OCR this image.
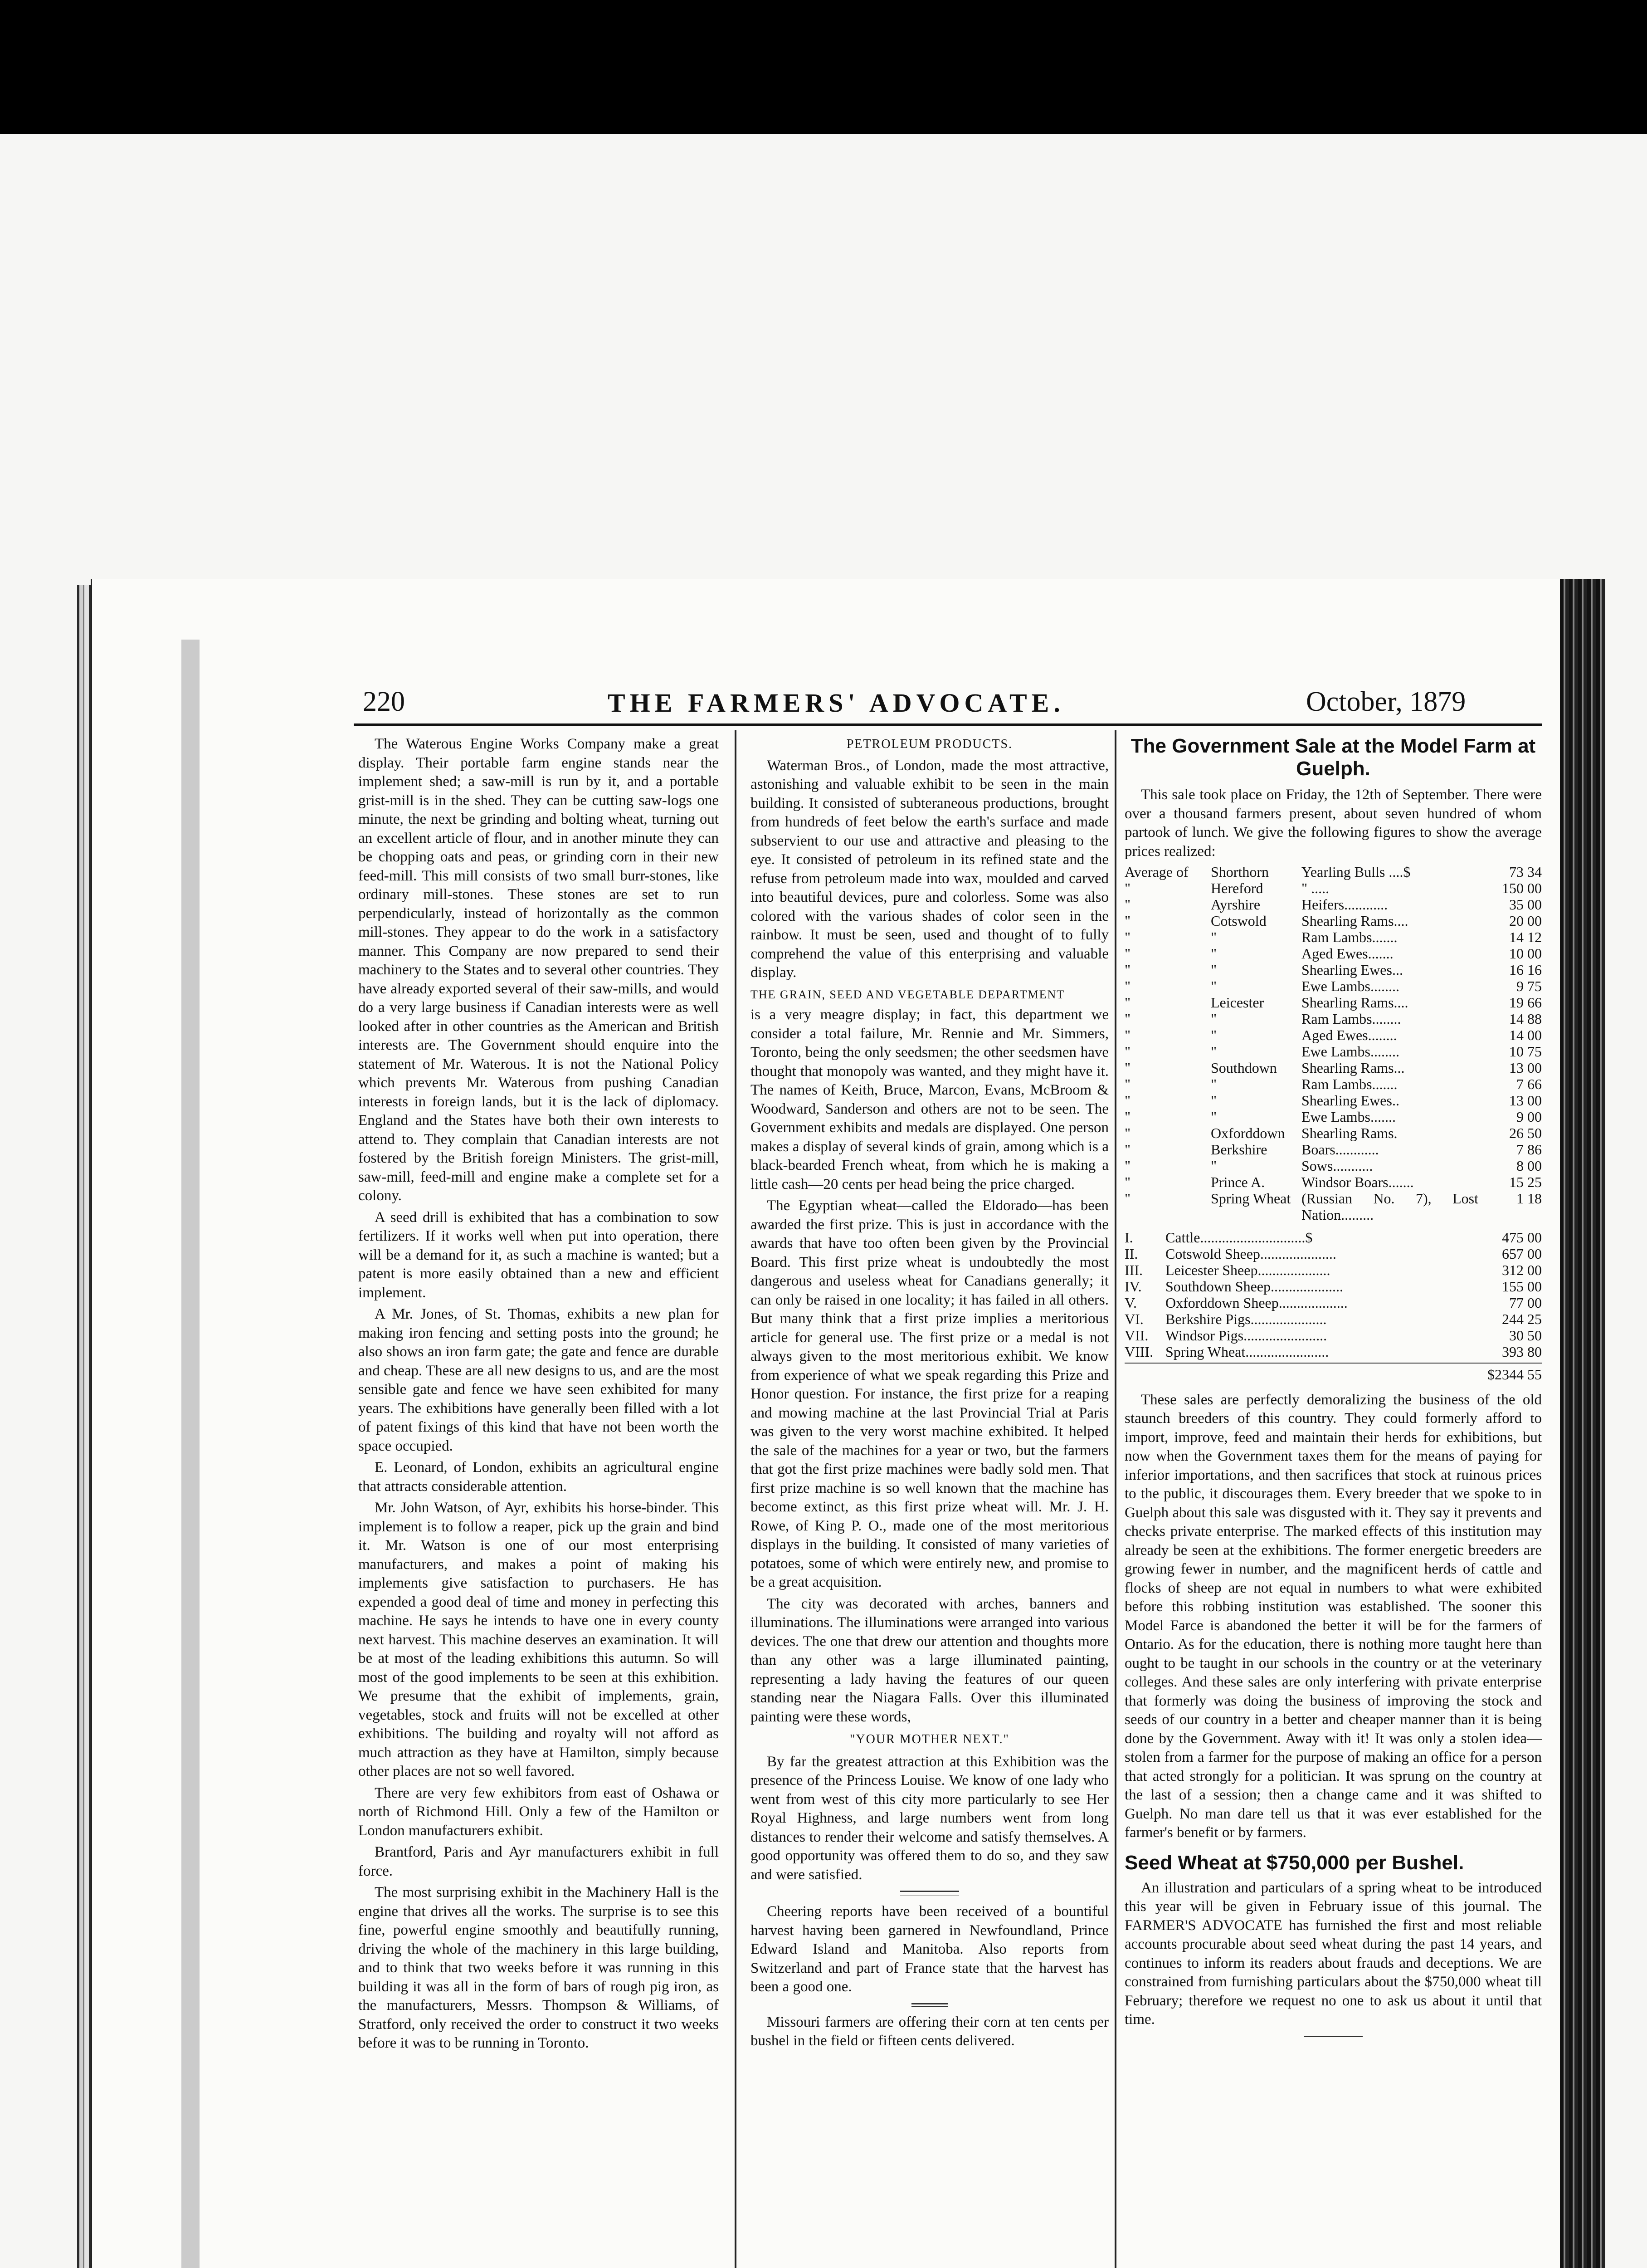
220	THE FARMERS' ADVOCATE.	October, 1879

The Waterous Engine Works Company make a great display. Their portable farm engine stands near the implement shed; a saw-mill is run by it, and a portable grist-mill is in the shed. They can be cutting saw-logs one minute, the next be grinding and bolting wheat, turning out an excellent article of flour, and in another minute they can be chopping oats and peas, or grinding corn in their new feed-mill. This mill consists of two small burr-stones, like ordinary mill-stones. These stones are set to run perpendicularly, instead of horizontally as the common mill-stones. They appear to do the work in a satisfactory manner. This Company are now prepared to send their machinery to the States and to several other countries. They have already exported several of their saw-mills, and would do a very large business if Canadian interests were as well looked after in other countries as the American and British interests are. The Government should enquire into the statement of Mr. Waterous. It is not the National Policy which prevents Mr. Waterous from pushing Canadian interests in foreign lands, but it is the lack of diplomacy. England and the States have both their own interests to attend to. They complain that Canadian interests are not fostered by the British foreign Ministers. The grist-mill, saw-mill, feed-mill and engine make a complete set for a colony.

A seed drill is exhibited that has a combination to sow fertilizers. If it works well when put into operation, there will be a demand for it, as such a machine is wanted; but a patent is more easily obtained than a new and efficient implement.

A Mr. Jones, of St. Thomas, exhibits a new plan for making iron fencing and setting posts into the ground; he also shows an iron farm gate; the gate and fence are durable and cheap. These are all new designs to us, and are the most sensible gate and fence we have seen exhibited for many years. The exhibitions have generally been filled with a lot of patent fixings of this kind that have not been worth the space occupied.

E. Leonard, of London, exhibits an agricultural engine that attracts considerable attention.

Mr. John Watson, of Ayr, exhibits his horse-binder. This implement is to follow a reaper, pick up the grain and bind it. Mr. Watson is one of our most enterprising manufacturers, and makes a point of making his implements give satisfaction to purchasers. He has expended a good deal of time and money in perfecting this machine. He says he intends to have one in every county next harvest. This machine deserves an examination. It will be at most of the leading exhibitions this autumn. So will most of the good implements to be seen at this exhibition. We presume that the exhibit of implements, grain, vegetables, stock and fruits will not be excelled at other exhibitions. The building and royalty will not afford as much attraction as they have at Hamilton, simply because other places are not so well favored.

There are very few exhibitors from east of Oshawa or north of Richmond Hill. Only a few of the Hamilton or London manufacturers exhibit.

Brantford, Paris and Ayr manufacturers exhibit in full force.

The most surprising exhibit in the Machinery Hall is the engine that drives all the works. The surprise is to see this fine, powerful engine smoothly and beautifully running, driving the whole of the machinery in this large building, and to think that two weeks before it was running in this building it was all in the form of bars of rough pig iron, as the manufacturers, Messrs. Thompson & Williams, of Stratford, only received the order to construct it two weeks before it was to be running in Toronto.

PETROLEUM PRODUCTS.

Waterman Bros., of London, made the most attractive, astonishing and valuable exhibit to be seen in the main building. It consisted of subteraneous productions, brought from hundreds of feet below the earth's surface and made subservient to our use and attractive and pleasing to the eye. It consisted of petroleum in its refined state and the refuse from petroleum made into wax, moulded and carved into beautiful devices, pure and colorless. Some was also colored with the various shades of color seen in the rainbow. It must be seen, used and thought of to fully comprehend the value of this enterprising and valuable display.

THE GRAIN, SEED AND VEGETABLE DEPARTMENT

is a very meagre display; in fact, this department we consider a total failure, Mr. Rennie and Mr. Simmers, Toronto, being the only seedsmen; the other seedsmen have thought that monopoly was wanted, and they might have it. The names of Keith, Bruce, Marcon, Evans, McBroom & Woodward, Sanderson and others are not to be seen. The Government exhibits and medals are displayed. One person makes a display of several kinds of grain, among which is a black-bearded French wheat, from which he is making a little cash—20 cents per head being the price charged.

The Egyptian wheat—called the Eldorado—has been awarded the first prize. This is just in accordance with the awards that have too often been given by the Provincial Board. This first prize wheat is undoubtedly the most dangerous and useless wheat for Canadians generally; it can only be raised in one locality; it has failed in all others. But many think that a first prize implies a meritorious article for general use. The first prize or a medal is not always given to the most meritorious exhibit. We know from experience of what we speak regarding this Prize and Honor question. For instance, the first prize for a reaping and mowing machine at the last Provincial Trial at Paris was given to the very worst machine exhibited. It helped the sale of the machines for a year or two, but the farmers that got the first prize machines were badly sold men. That first prize machine is so well known that the machine has become extinct, as this first prize wheat will. Mr. J. H. Rowe, of King P. O., made one of the most meritorious displays in the building. It consisted of many varieties of potatoes, some of which were entirely new, and promise to be a great acquisition.

The city was decorated with arches, banners and illuminations. The illuminations were arranged into various devices. The one that drew our attention and thoughts more than any other was a large illuminated painting, representing a lady having the features of our queen standing near the Niagara Falls. Over this illuminated painting were these words,

"YOUR MOTHER NEXT."

By far the greatest attraction at this Exhibition was the presence of the Princess Louise. We know of one lady who went from west of this city more particularly to see Her Royal Highness, and large numbers went from long distances to render their welcome and satisfy themselves. A good opportunity was offered them to do so, and they saw and were satisfied.

Cheering reports have been received of a bountiful harvest having been garnered in Newfoundland, Prince Edward Island and Manitoba. Also reports from Switzerland and part of France state that the harvest has been a good one.

Missouri farmers are offering their corn at ten cents per bushel in the field or fifteen cents delivered.

The Government Sale at the Model Farm at Guelph.

This sale took place on Friday, the 12th of September. There were over a thousand farmers present, about seven hundred of whom partook of lunch. We give the following figures to show the average prices realized:

Average of	Shorthorn	Yearling Bulls ....$	73 34
"	Hereford	" .....	150 00
"	Ayrshire	Heifers............	35 00
"	Cotswold	Shearling Rams....	20 00
"	"	Ram Lambs.......	14 12
"	"	Aged Ewes.......	10 00
"	"	Shearling Ewes...	16 16
"	"	Ewe Lambs........	9 75
"	Leicester	Shearling Rams....	19 66
"	"	Ram Lambs........	14 88
"	"	Aged Ewes........	14 00
"	"	Ewe Lambs........	10 75
"	Southdown	Shearling Rams...	13 00
"	"	Ram Lambs.......	7 66
"	"	Shearling Ewes..	13 00
"	"	Ewe Lambs.......	9 00
"	Oxforddown	Shearling Rams.	26 50
"	Berkshire	Boars............	7 86
"	"	Sows...........	8 00
"	Prince A.	Windsor Boars.......	15 25
"	Spring Wheat	(Russian No. 7), Lost Nation.........	1 18
I.	Cattle.............................$	475 00
II.	Cotswold Sheep.....................	657 00
III.	Leicester Sheep....................	312 00
IV.	Southdown Sheep....................	155 00
V.	Oxforddown Sheep...................	77 00
VI.	Berkshire Pigs.....................	244 25
VII.	Windsor Pigs.......................	30 50
VIII.	Spring Wheat.......................	393 80
$2344 55

These sales are perfectly demoralizing the business of the old staunch breeders of this country. They could formerly afford to import, improve, feed and maintain their herds for exhibitions, but now when the Government taxes them for the means of paying for inferior importations, and then sacrifices that stock at ruinous prices to the public, it discourages them. Every breeder that we spoke to in Guelph about this sale was disgusted with it. They say it prevents and checks private enterprise. The marked effects of this institution may already be seen at the exhibitions. The former energetic breeders are growing fewer in number, and the magnificent herds of cattle and flocks of sheep are not equal in numbers to what were exhibited before this robbing institution was established. The sooner this Model Farce is abandoned the better it will be for the farmers of Ontario. As for the education, there is nothing more taught here than ought to be taught in our schools in the country or at the veterinary colleges. And these sales are only interfering with private enterprise that formerly was doing the business of improving the stock and seeds of our country in a better and cheaper manner than it is being done by the Government. Away with it! It was only a stolen idea—stolen from a farmer for the purpose of making an office for a person that acted strongly for a politician. It was sprung on the country at the last of a session; then a change came and it was shifted to Guelph. No man dare tell us that it was ever established for the farmer's benefit or by farmers.

Seed Wheat at $750,000 per Bushel.

An illustration and particulars of a spring wheat to be introduced this year will be given in February issue of this journal. The FARMER'S ADVOCATE has furnished the first and most reliable accounts procurable about seed wheat during the past 14 years, and continues to inform its readers about frauds and deceptions. We are constrained from furnishing particulars about the $750,000 wheat till February; therefore we request no one to ask us about it until that time.
